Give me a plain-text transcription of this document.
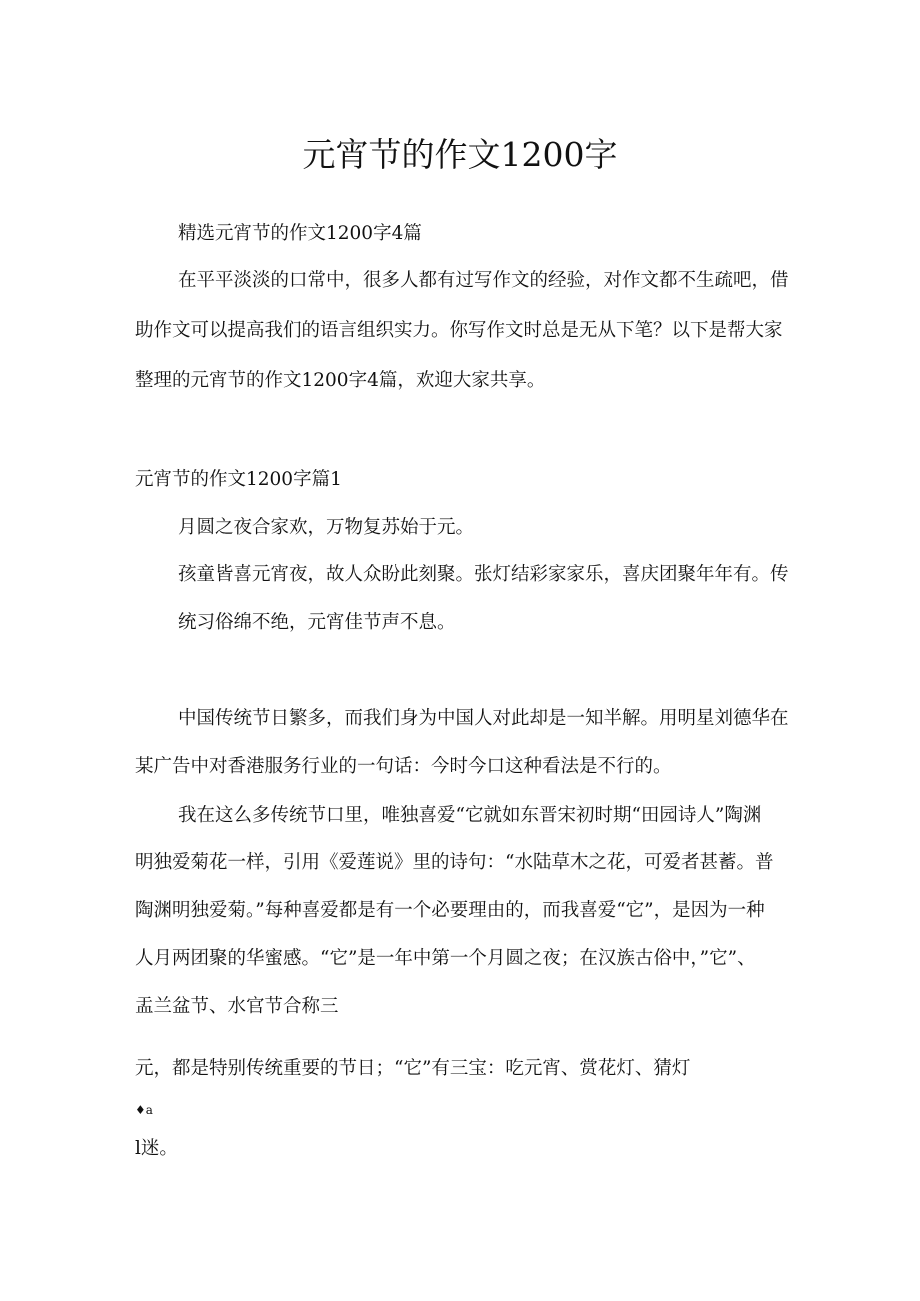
元宵节的作文1200字
精选元宵节的作文1200字4篇
在平平淡淡的口常中，很多人都有过写作文的经验，对作文都不生疏吧，借
助作文可以提高我们的语言组织实力。你写作文时总是无从下笔？以下是帮大家
整理的元宵节的作文1200字4篇，欢迎大家共享。
元宵节的作文1200字篇1
月圆之夜合家欢，万物复苏始于元。
孩童皆喜元宵夜，故人众盼此刻聚。张灯结彩家家乐，喜庆团聚年年有。传
统习俗绵不绝，元宵佳节声不息。
中国传统节日繁多，而我们身为中国人对此却是一知半解。用明星刘德华在
某广告中对香港服务行业的一句话：今时今口这种看法是不行的。
我在这么多传统节口里，唯独喜爱“它就如东晋宋初时期“田园诗人”陶渊
明独爱菊花一样，引用《爱莲说》里的诗句：“水陆草木之花，可爱者甚蓄。普
陶渊明独爱菊。”每种喜爱都是有一个必要理由的，而我喜爱“它”，是因为一种
人月两团聚的华蜜感。“它”是一年中第一个月圆之夜；在汉族古俗中，”它”、
盂兰盆节、水官节合称三
元，都是特别传统重要的节日；“它”有三宝：吃元宵、赏花灯、猜灯
♦a
l迷。
